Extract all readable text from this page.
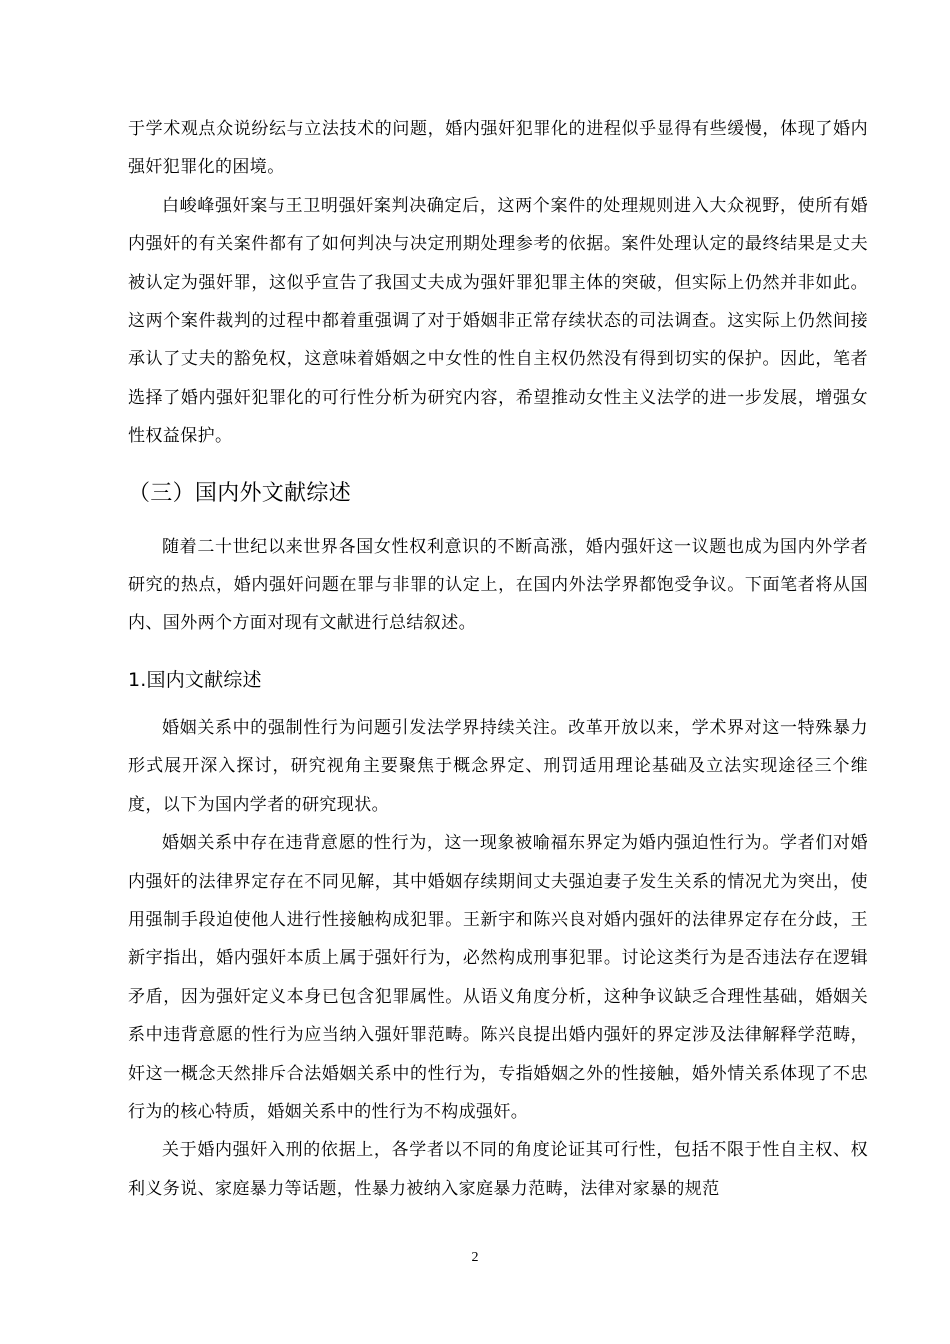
于学术观点众说纷纭与立法技术的问题，婚内强奸犯罪化的进程似乎显得有些缓慢，体现了婚内强奸犯罪化的困境。

白峻峰强奸案与王卫明强奸案判决确定后，这两个案件的处理规则进入大众视野，使所有婚内强奸的有关案件都有了如何判决与决定刑期处理参考的依据。案件处理认定的最终结果是丈夫被认定为强奸罪，这似乎宣告了我国丈夫成为强奸罪犯罪主体的突破，但实际上仍然并非如此。这两个案件裁判的过程中都着重强调了对于婚姻非正常存续状态的司法调查。这实际上仍然间接承认了丈夫的豁免权，这意味着婚姻之中女性的性自主权仍然没有得到切实的保护。因此，笔者选择了婚内强奸犯罪化的可行性分析为研究内容，希望推动女性主义法学的进一步发展，增强女性权益保护。

（三）国内外文献综述

随着二十世纪以来世界各国女性权利意识的不断高涨，婚内强奸这一议题也成为国内外学者研究的热点，婚内强奸问题在罪与非罪的认定上，在国内外法学界都饱受争议。下面笔者将从国内、国外两个方面对现有文献进行总结叙述。

1.国内文献综述

婚姻关系中的强制性行为问题引发法学界持续关注。改革开放以来，学术界对这一特殊暴力形式展开深入探讨，研究视角主要聚焦于概念界定、刑罚适用理论基础及立法实现途径三个维度，以下为国内学者的研究现状。

婚姻关系中存在违背意愿的性行为，这一现象被喻福东界定为婚内强迫性行为。学者们对婚内强奸的法律界定存在不同见解，其中婚姻存续期间丈夫强迫妻子发生关系的情况尤为突出，使用强制手段迫使他人进行性接触构成犯罪。王新宇和陈兴良对婚内强奸的法律界定存在分歧，王新宇指出，婚内强奸本质上属于强奸行为，必然构成刑事犯罪。讨论这类行为是否违法存在逻辑矛盾，因为强奸定义本身已包含犯罪属性。从语义角度分析，这种争议缺乏合理性基础，婚姻关系中违背意愿的性行为应当纳入强奸罪范畴。陈兴良提出婚内强奸的界定涉及法律解释学范畴，奸这一概念天然排斥合法婚姻关系中的性行为，专指婚姻之外的性接触，婚外情关系体现了不忠行为的核心特质，婚姻关系中的性行为不构成强奸。

关于婚内强奸入刑的依据上，各学者以不同的角度论证其可行性，包括不限于性自主权、权利义务说、家庭暴力等话题，性暴力被纳入家庭暴力范畴，法律对家暴的规范

2
